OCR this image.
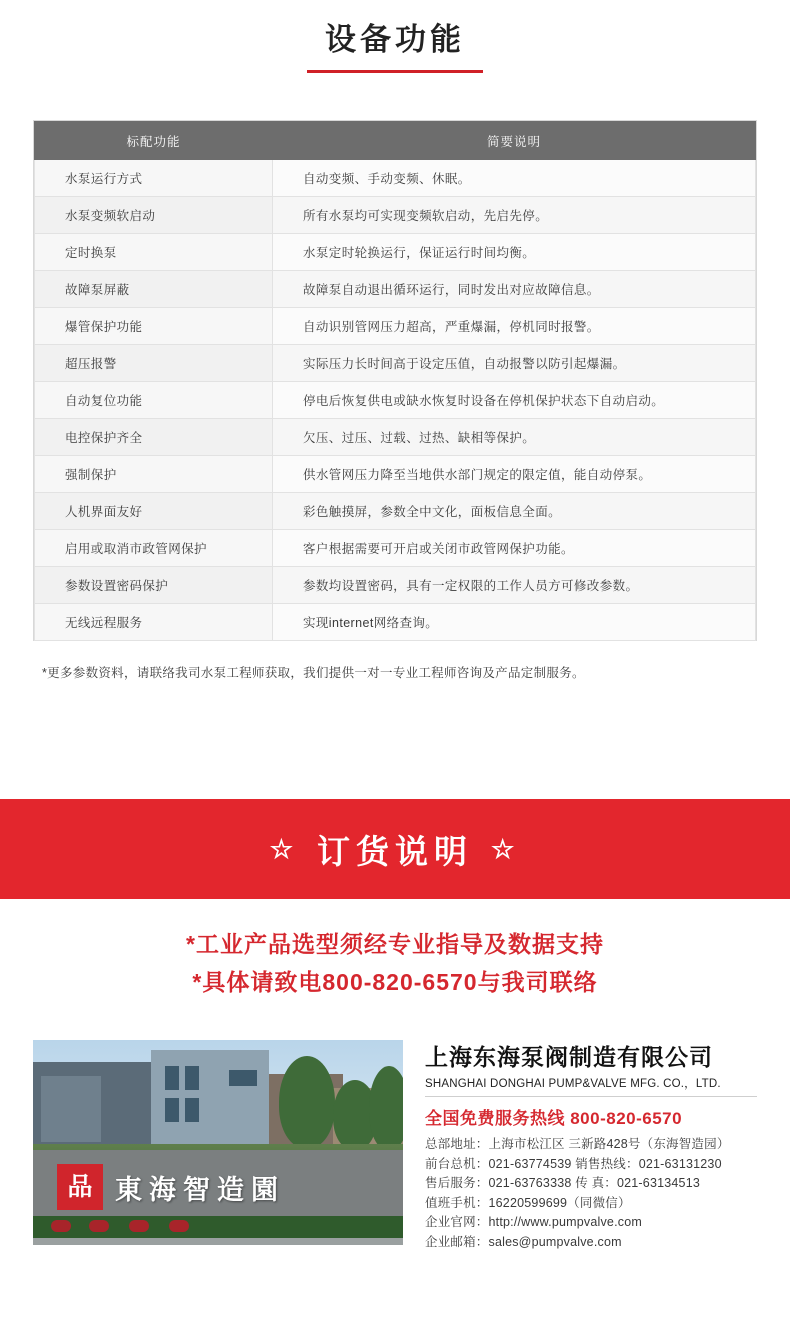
设备功能
标配功能	简要说明
水泵运行方式	自动变频、手动变频、休眠。
水泵变频软启动	所有水泵均可实现变频软启动，先启先停。
定时换泵	水泵定时轮换运行，保证运行时间均衡。
故障泵屏蔽	故障泵自动退出循环运行，同时发出对应故障信息。
爆管保护功能	自动识别管网压力超高，严重爆漏，停机同时报警。
超压报警	实际压力长时间高于设定压值，自动报警以防引起爆漏。
自动复位功能	停电后恢复供电或缺水恢复时设备在停机保护状态下自动启动。
电控保护齐全	欠压、过压、过载、过热、缺相等保护。
强制保护	供水管网压力降至当地供水部门规定的限定值，能自动停泵。
人机界面友好	彩色触摸屏，参数全中文化，面板信息全面。
启用或取消市政管网保护	客户根据需要可开启或关闭市政管网保护功能。
参数设置密码保护	参数均设置密码，具有一定权限的工作人员方可修改参数。
无线远程服务	实现internet网络查询。
*更多参数资料，请联络我司水泵工程师获取，我们提供一对一专业工程师咨询及产品定制服务。
☆ 订货说明 ☆
*工业产品选型须经专业指导及数据支持
*具体请致电800-820-6570与我司联络
品 東海智造園
上海东海泵阀制造有限公司
SHANGHAI DONGHAI PUMP&VALVE MFG. CO.，LTD.
全国免费服务热线 800-820-6570
总部地址：上海市松江区 三新路428号（东海智造园）
前台总机：021-63774539 销售热线：021-63131230
售后服务：021-63763338 传 真：021-63134513
值班手机：16220599699（同微信）
企业官网：http://www.pumpvalve.com
企业邮箱：sales@pumpvalve.com
